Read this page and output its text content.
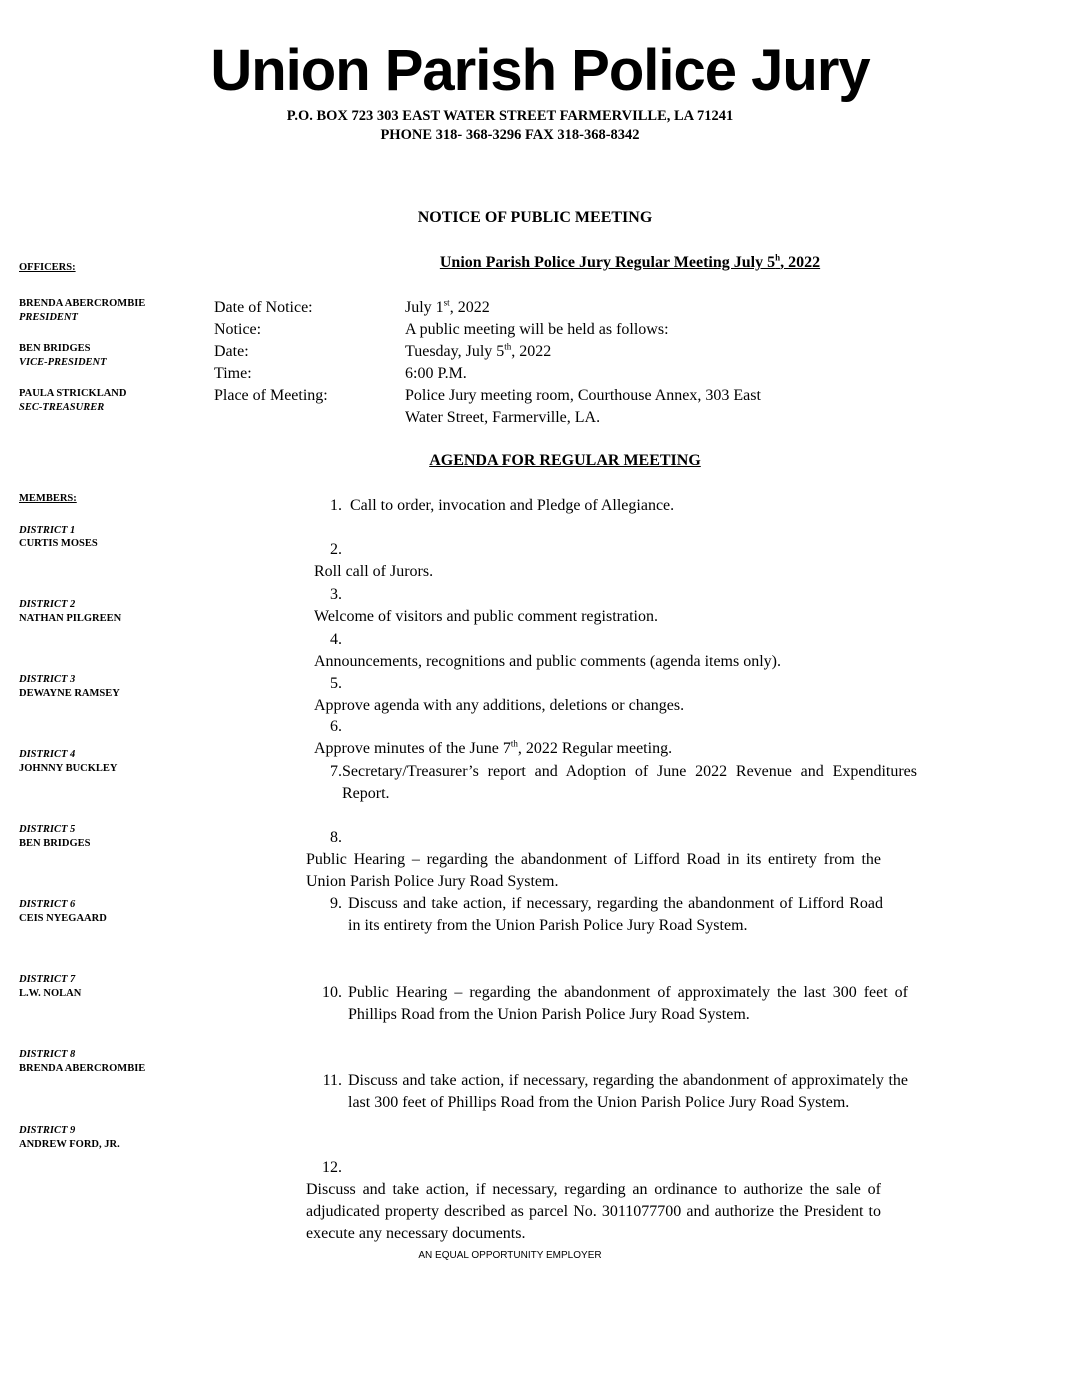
Union Parish Police Jury
P.O. BOX 723 303 EAST WATER STREET FARMERVILLE, LA 71241
PHONE 318- 368-3296 FAX 318-368-8342
NOTICE OF PUBLIC MEETING
Union Parish Police Jury Regular Meeting July 5$^h$, 2022
OFFICERS:
BRENDA ABERCROMBIE
PRESIDENT
BEN BRIDGES
VICE-PRESIDENT
PAULA STRICKLAND
SEC-TREASURER
MEMBERS:
DISTRICT 1
CURTIS MOSES
DISTRICT 2
NATHAN PILGREEN
DISTRICT 3
DEWAYNE RAMSEY
DISTRICT 4
JOHNNY BUCKLEY
DISTRICT 5
BEN BRIDGES
DISTRICT 6
CEIS NYEGAARD
DISTRICT 7
L.W. NOLAN
DISTRICT 8
BRENDA ABERCROMBIE
DISTRICT 9
ANDREW FORD, JR.
Date of Notice:	July 1st, 2022
Notice:	A public meeting will be held as follows:
Date:	Tuesday, July 5th, 2022
Time:	6:00 P.M.
Place of Meeting:	Police Jury meeting room, Courthouse Annex, 303 East
Water Street, Farmerville, LA.
AGENDA FOR REGULAR MEETING
1. Call to order, invocation and Pledge of Allegiance.
2.  Roll call of Jurors.
3.  Welcome of visitors and public comment registration.
4.  Announcements, recognitions and public comments (agenda items only).
5.  Approve agenda with any additions, deletions or changes.
6.  Approve minutes of the June 7th, 2022 Regular meeting.
7. Secretary/Treasurer’s report and Adoption of June 2022 Revenue and Expenditures Report.
8.Public Hearing – regarding the abandonment of Lifford Road in its entirety from the Union Parish Police Jury Road System.
9. Discuss and take action, if necessary, regarding the abandonment of Lifford Road in its entirety from the Union Parish Police Jury Road System.
10. Public Hearing – regarding the abandonment of approximately the last 300 feet of Phillips Road from the Union Parish Police Jury Road System.
11. Discuss and take action, if necessary, regarding the abandonment of approximately the last 300 feet of Phillips Road from the Union Parish Police Jury Road System.
12.Discuss and take action, if necessary, regarding an ordinance to authorize the sale of adjudicated property described as parcel No. 3011077700 and authorize the President to execute any necessary documents.
AN EQUAL OPPORTUNITY EMPLOYER
